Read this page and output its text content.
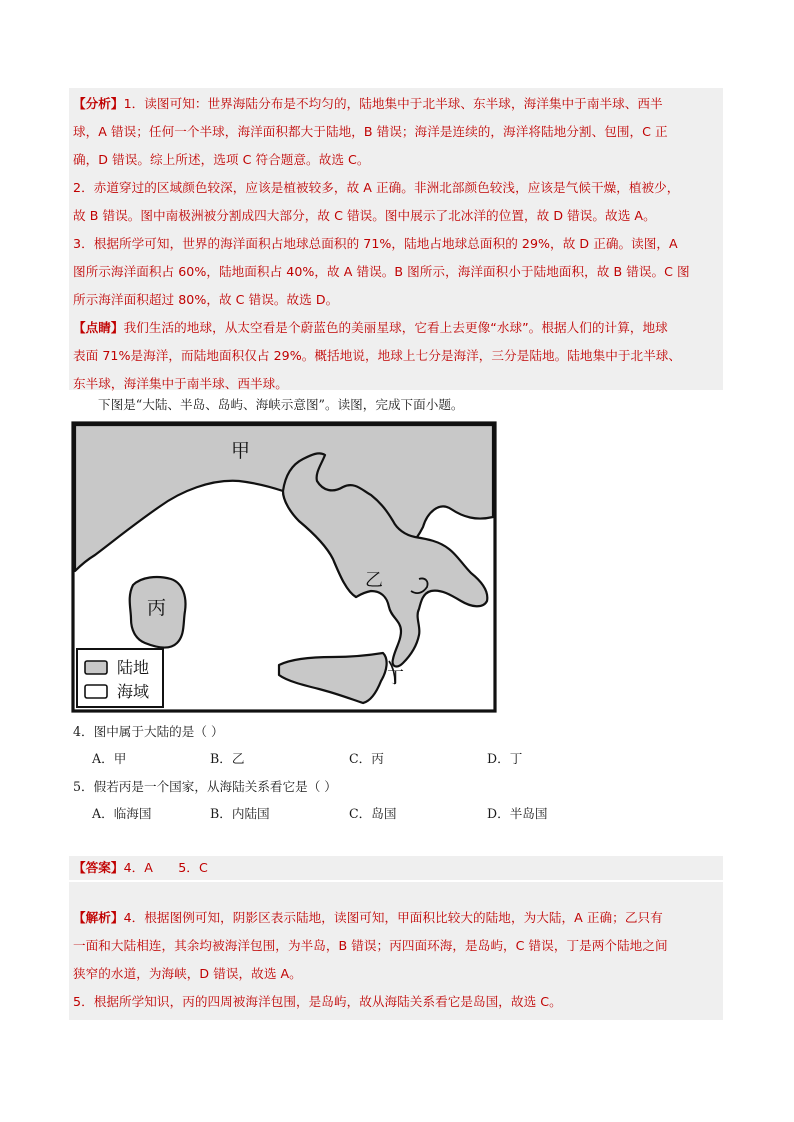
【分析】1．读图可知：世界海陆分布是不均匀的，陆地集中于北半球、东半球，海洋集中于南半球、西半
球，A 错误；任何一个半球，海洋面积都大于陆地，B 错误；海洋是连续的，海洋将陆地分割、包围，C 正
确，D 错误。综上所述，选项 C 符合题意。故选 C。
2．赤道穿过的区域颜色较深，应该是植被较多，故 A 正确。非洲北部颜色较浅，应该是气候干燥，植被少，
故 B 错误。图中南极洲被分割成四大部分，故 C 错误。图中展示了北冰洋的位置，故 D 错误。故选 A。
3．根据所学可知，世界的海洋面积占地球总面积的 71%，陆地占地球总面积的 29%，故 D 正确。读图，A
图所示海洋面积占 60%，陆地面积占 40%，故 A 错误。B 图所示，海洋面积小于陆地面积，故 B 错误。C 图
所示海洋面积超过 80%，故 C 错误。故选 D。
【点睛】我们生活的地球，从太空看是个蔚蓝色的美丽星球，它看上去更像“水球”。根据人们的计算，地球
表面 71%是海洋，而陆地面积仅占 29%。概括地说，地球上七分是海洋，三分是陆地。陆地集中于北半球、
东半球，海洋集中于南半球、西半球。
下图是“大陆、半岛、岛屿、海峡示意图”。读图，完成下面小题。
甲
乙
丙
丁
陆地
海域
4．图中属于大陆的是（ ）
A．甲	B．乙	C．丙	D．丁
5．假若丙是一个国家，从海陆关系看它是（ ）
A．临海国	B．内陆国	C．岛国	D．半岛国
【答案】4．A　　5．C
【解析】4．根据图例可知，阴影区表示陆地，读图可知，甲面积比较大的陆地，为大陆，A 正确；乙只有
一面和大陆相连，其余均被海洋包围，为半岛，B 错误；丙四面环海，是岛屿，C 错误，丁是两个陆地之间
狭窄的水道，为海峡，D 错误，故选 A。
5．根据所学知识，丙的四周被海洋包围，是岛屿，故从海陆关系看它是岛国，故选 C。
